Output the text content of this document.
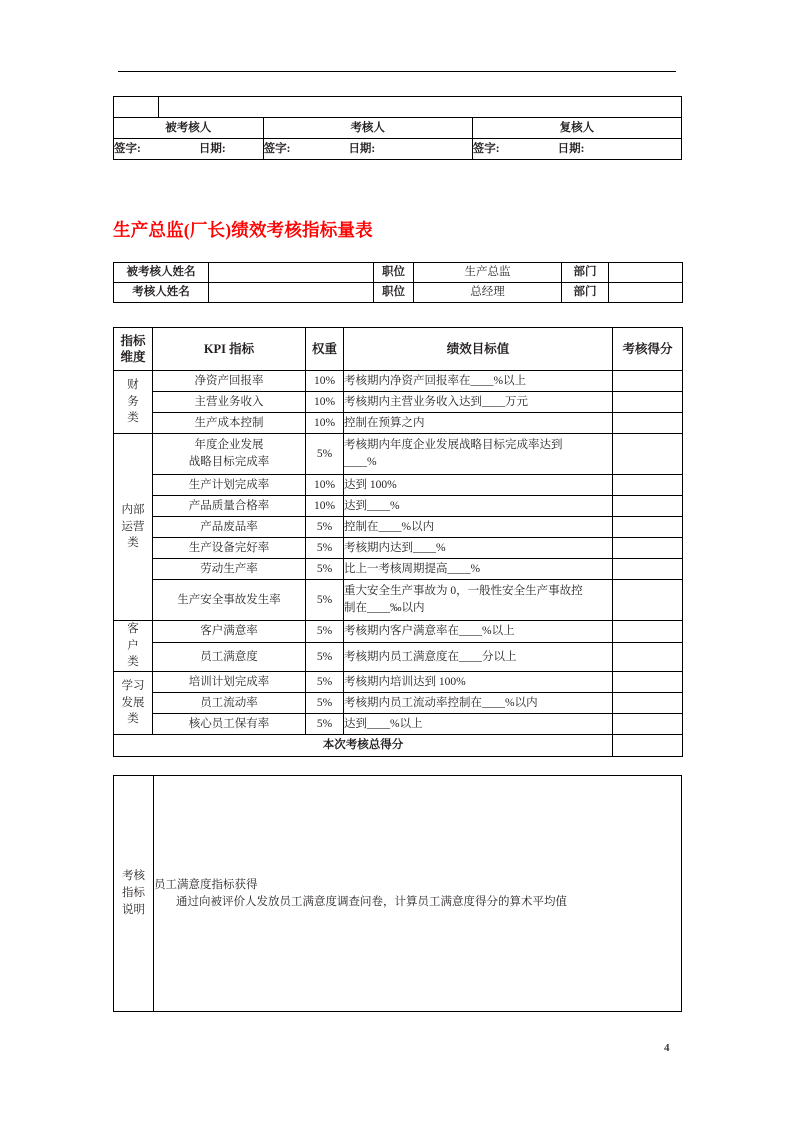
被考核人		考核人	复核人
签字: 日期:		签字: 日期:	签字: 日期:
生产总监(厂长)绩效考核指标量表
被考核人姓名		职位	生产总监	部门	
考核人姓名		职位	总经理	部门	
指标
维度	KPI 指标	权重	绩效目标值	考核得分
财
务
类	净资产回报率	10%	考核期内净资产回报率在____%以上	
	主营业务收入	10%	考核期内主营业务收入达到____万元	
	生产成本控制	10%	控制在预算之内	
内部
运营
类	年度企业发展
战略目标完成率	5%	考核期内年度企业发展战略目标完成率达到
____%	
	生产计划完成率	10%	达到 100%	
	产品质量合格率	10%	达到____%	
	产品废品率	5%	控制在____%以内	
	生产设备完好率	5%	考核期内达到____%	
	劳动生产率	5%	比上一考核周期提高____%	
	生产安全事故发生率	5%	重大安全生产事故为 0，一般性安全生产事故控
制在____‰以内	
客
户
类	客户满意率	5%	考核期内客户满意率在____%以上	
	员工满意度	5%	考核期内员工满意度在____分以上	
学习
发展
类	培训计划完成率	5%	考核期内培训达到 100%	
	员工流动率	5%	考核期内员工流动率控制在____%以内	
	核心员工保有率	5%	达到____%以上	
本次考核总得分				
考核
指标
说明	员工满意度指标获得
通过向被评价人发放员工满意度调查问卷，计算员工满意度得分的算术平均值
4
